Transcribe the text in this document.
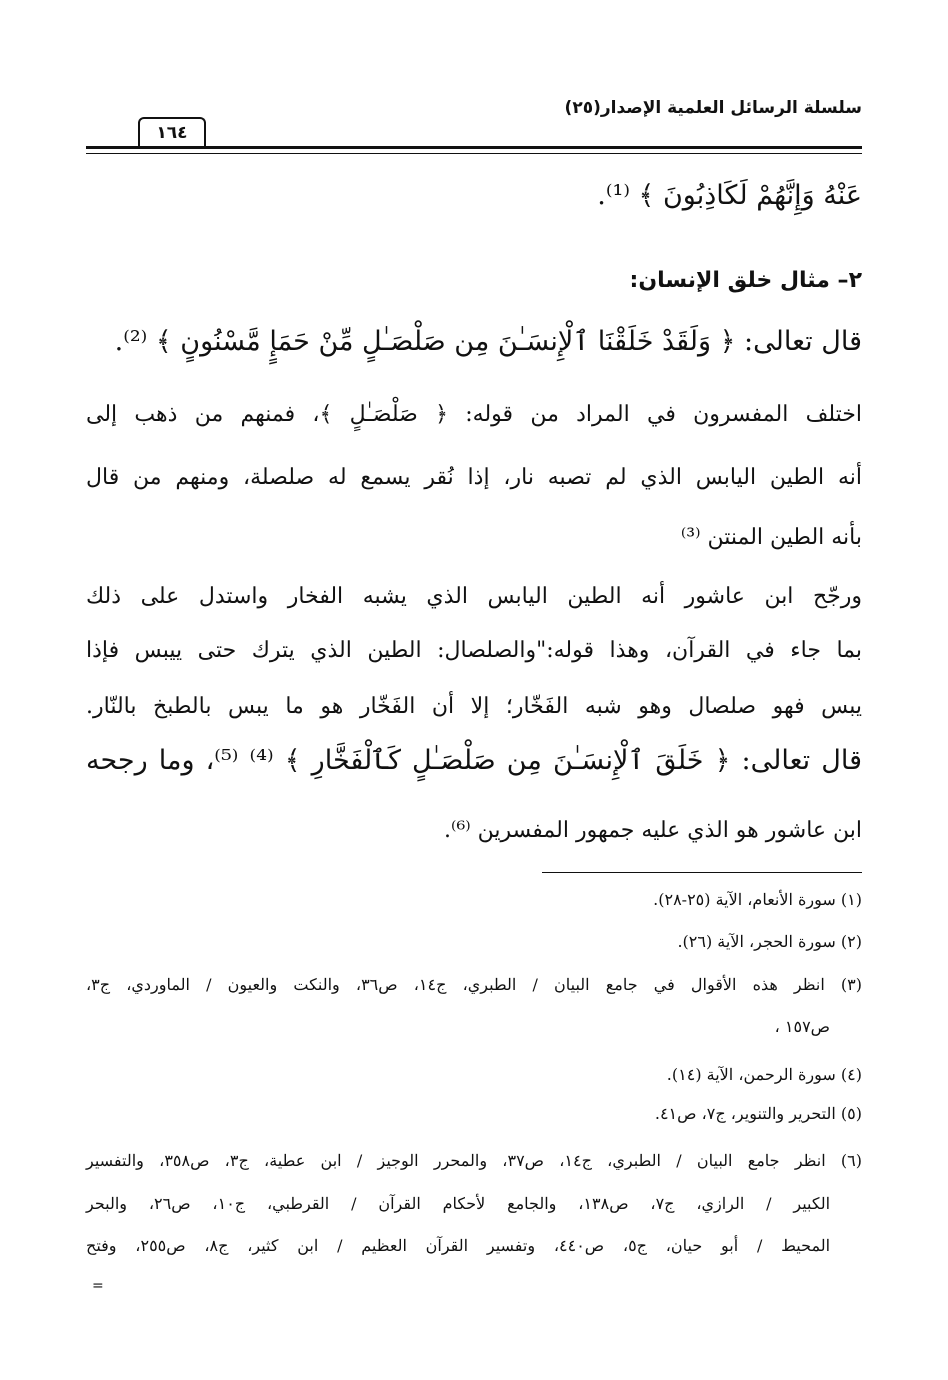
سلسلة الرسائل العلمية الإصدار(٢٥)
١٦٤
عَنْهُ وَإِنَّهُمْ لَكَاذِبُونَ ﴾ ⁽¹⁾.
٢– مثال خلق الإنسان:
قال تعالى: ﴿ وَلَقَدْ خَلَقْنَا ٱلْإِنسَـٰنَ مِن صَلْصَـٰلٍ مِّنْ حَمَإٍ مَّسْنُونٍ ﴾ ⁽²⁾.
اختلف المفسرون في المراد من قوله: ﴿ صَلْصَـٰلٍ ﴾، فمنهم من ذهب إلى
أنه الطين اليابس الذي لم تصبه نار، إذا نُقر يسمع له صلصلة، ومنهم من قال
بأنه الطين المنتن ⁽³⁾
ورجّح ابن عاشور أنه الطين اليابس الذي يشبه الفخار واستدل على ذلك
بما جاء في القرآن، وهذا قوله:"والصلصال: الطين الذي يترك حتى ييبس فإذا
يبس فهو صلصال وهو شبه الفَخّار؛ إلا أن الفَخّار هو ما يبس بالطبخ بالنّار.
قال تعالى: ﴿ خَلَقَ ٱلْإِنسَـٰنَ مِن صَلْصَـٰلٍ كَٱلْفَخَّارِ ﴾ ⁽⁴⁾ ⁽⁵⁾، وما رجحه
ابن عاشور هو الذي عليه جمهور المفسرين ⁽⁶⁾.
(١) سورة الأنعام، الآية (٢٥-٢٨).
(٢) سورة الحجر، الآية (٢٦).
(٣) انظر هذه الأقوال في جامع البيان / الطبري، ج١٤، ص٣٦، والنكت والعيون / الماوردي، ج٣،
ص١٥٧ ،
(٤) سورة الرحمن، الآية (١٤).
(٥) التحرير والتنوير، ج٧، ص٤١.
(٦) انظر جامع البيان / الطبري، ج١٤، ص٣٧، والمحرر الوجيز / ابن عطية، ج٣، ص٣٥٨، والتفسير
الكبير / الرازي، ج٧، ص١٣٨، والجامع لأحكام القرآن / القرطبي، ج١٠، ص٢٦، والبحر
المحيط / أبو حيان، ج٥، ص٤٤٠، وتفسير القرآن العظيم / ابن كثير، ج٨، ص٢٥٥، وفتح
=
